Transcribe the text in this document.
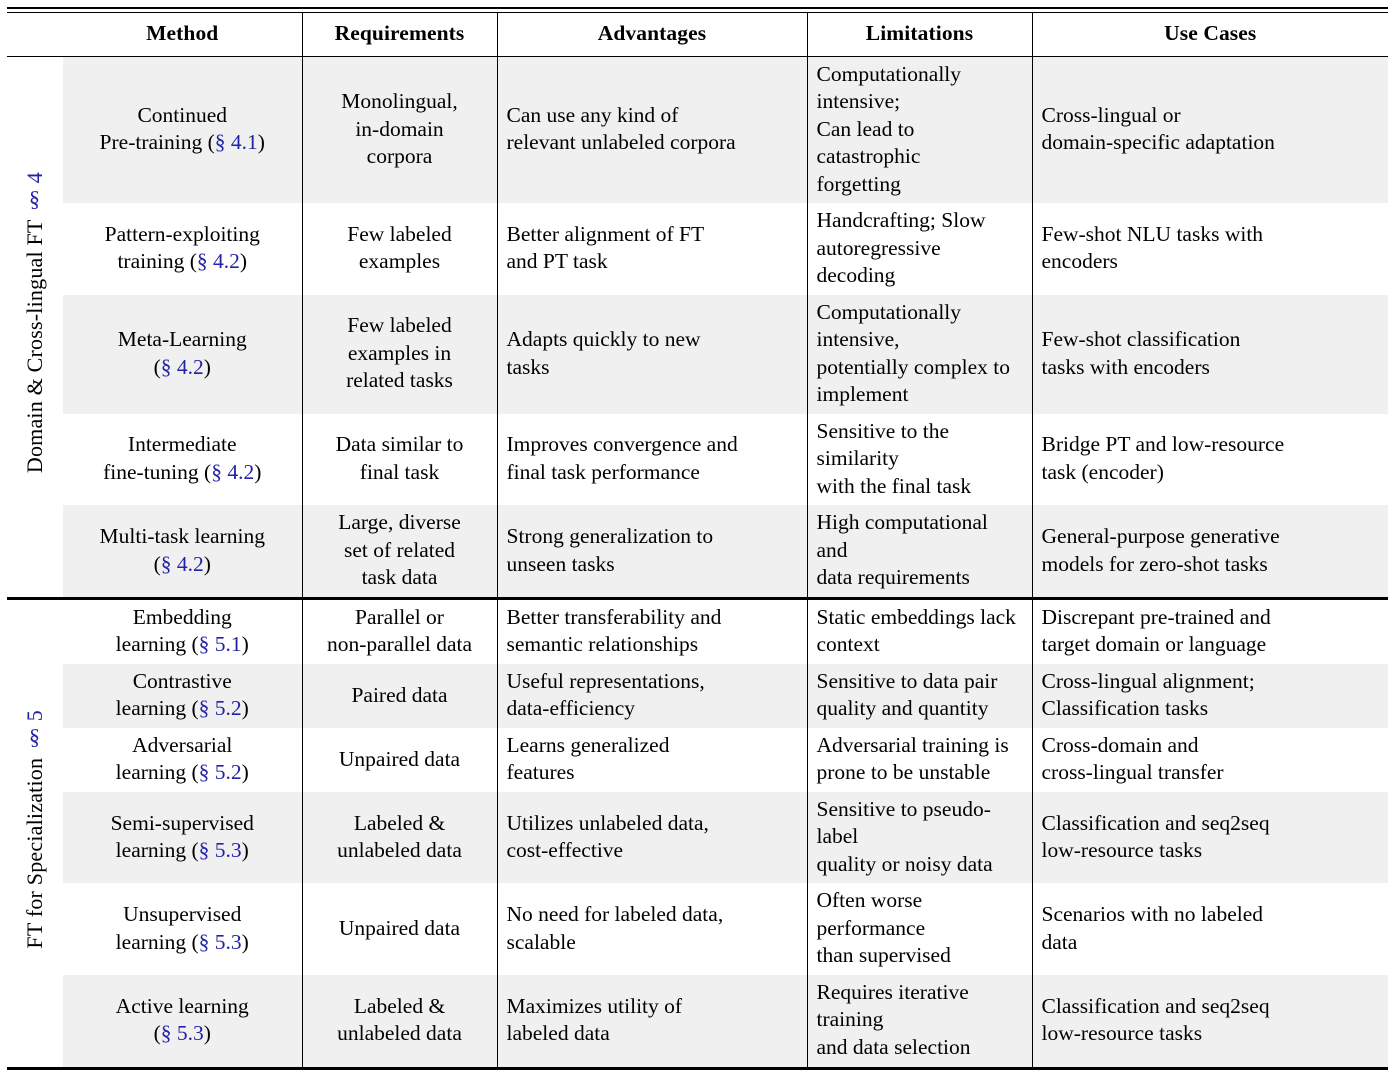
	Method	Requirements	Advantages	Limitations	Use Cases
Domain & Cross-lingual FT § 4	Continued
Pre-training (§ 4.1)	Monolingual,
in-domain
corpora	Can use any kind of
relevant unlabeled corpora	Computationally intensive;
Can lead to catastrophic
forgetting	Cross-lingual or
domain-specific adaptation

	Pattern-exploiting
training (§ 4.2)	Few labeled
examples	Better alignment of FT
and PT task	Handcrafting; Slow
autoregressive decoding	Few-shot NLU tasks with
encoders

	Meta-Learning
(§ 4.2)	Few labeled
examples in
related tasks	Adapts quickly to new
tasks	Computationally intensive,
potentially complex to
implement	Few-shot classification
tasks with encoders

	Intermediate
fine-tuning (§ 4.2)	Data similar to
final task	Improves convergence and
final task performance	Sensitive to the similarity
with the final task	Bridge PT and low-resource
task (encoder)

	Multi-task learning
(§ 4.2)	Large, diverse
set of related
task data	Strong generalization to
unseen tasks	High computational and
data requirements	General-purpose generative
models for zero-shot tasks
FT for Specialization § 5	Embedding
learning (§ 5.1)	Parallel or
non-parallel data	Better transferability and
semantic relationships	Static embeddings lack
context	Discrepant pre-trained and
target domain or language

	Contrastive
learning (§ 5.2)	Paired data	Useful representations,
data-efficiency	Sensitive to data pair
quality and quantity	Cross-lingual alignment;
Classification tasks

	Adversarial
learning (§ 5.2)	Unpaired data	Learns generalized
features	Adversarial training is
prone to be unstable	Cross-domain and
cross-lingual transfer

	Semi-supervised
learning (§ 5.3)	Labeled &
unlabeled data	Utilizes unlabeled data,
cost-effective	Sensitive to pseudo-label
quality or noisy data	Classification and seq2seq
low-resource tasks

	Unsupervised
learning (§ 5.3)	Unpaired data	No need for labeled data,
scalable	Often worse performance
than supervised	Scenarios with no labeled
data

	Active learning
(§ 5.3)	Labeled &
unlabeled data	Maximizes utility of
labeled data	Requires iterative training
and data selection	Classification and seq2seq
low-resource tasks
